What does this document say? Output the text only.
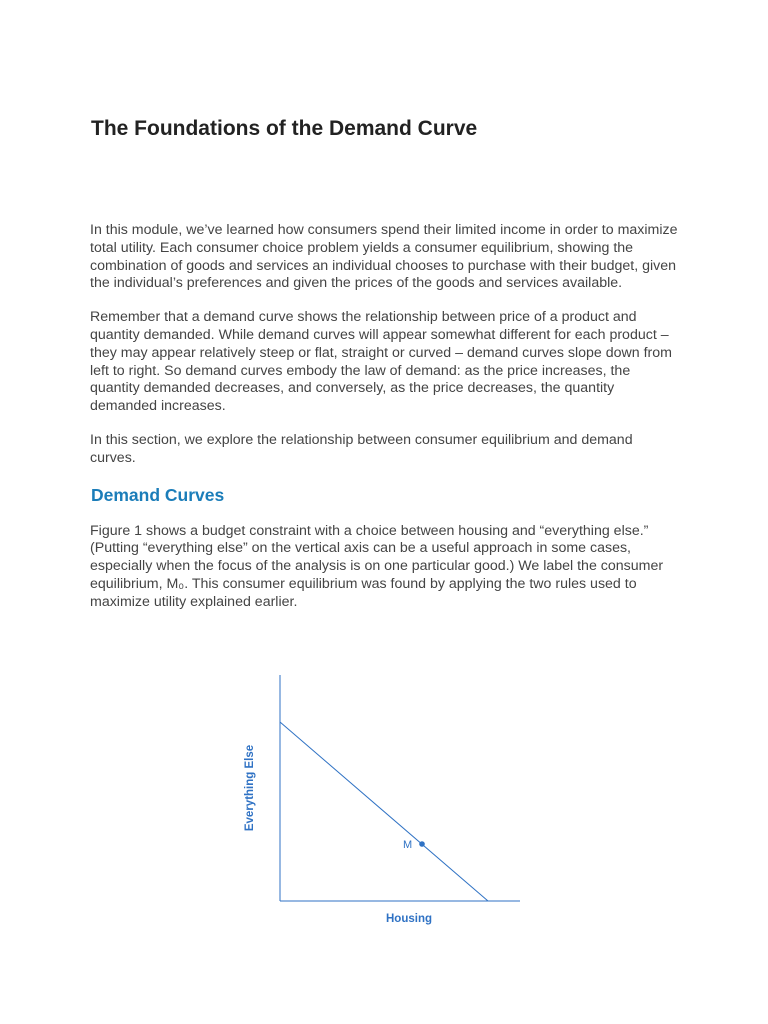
The Foundations of the Demand Curve

In this module, we’ve learned how consumers spend their limited income in order to maximize total utility. Each consumer choice problem yields a consumer equilibrium, showing the combination of goods and services an individual chooses to purchase with their budget, given the individual’s preferences and given the prices of the goods and services available.

Remember that a demand curve shows the relationship between price of a product and quantity demanded. While demand curves will appear somewhat different for each product – they may appear relatively steep or flat, straight or curved – demand curves slope down from left to right. So demand curves embody the law of demand: as the price increases, the quantity demanded decreases, and conversely, as the price decreases, the quantity demanded increases.

In this section, we explore the relationship between consumer equilibrium and demand curves.

Demand Curves

Figure 1 shows a budget constraint with a choice between housing and “everything else.” (Putting “everything else” on the vertical axis can be a useful approach in some cases, especially when the focus of the analysis is on one particular good.) We label the consumer equilibrium, M₀. This consumer equilibrium was found by applying the two rules used to maximize utility explained earlier.

M
Housing
Everything Else
